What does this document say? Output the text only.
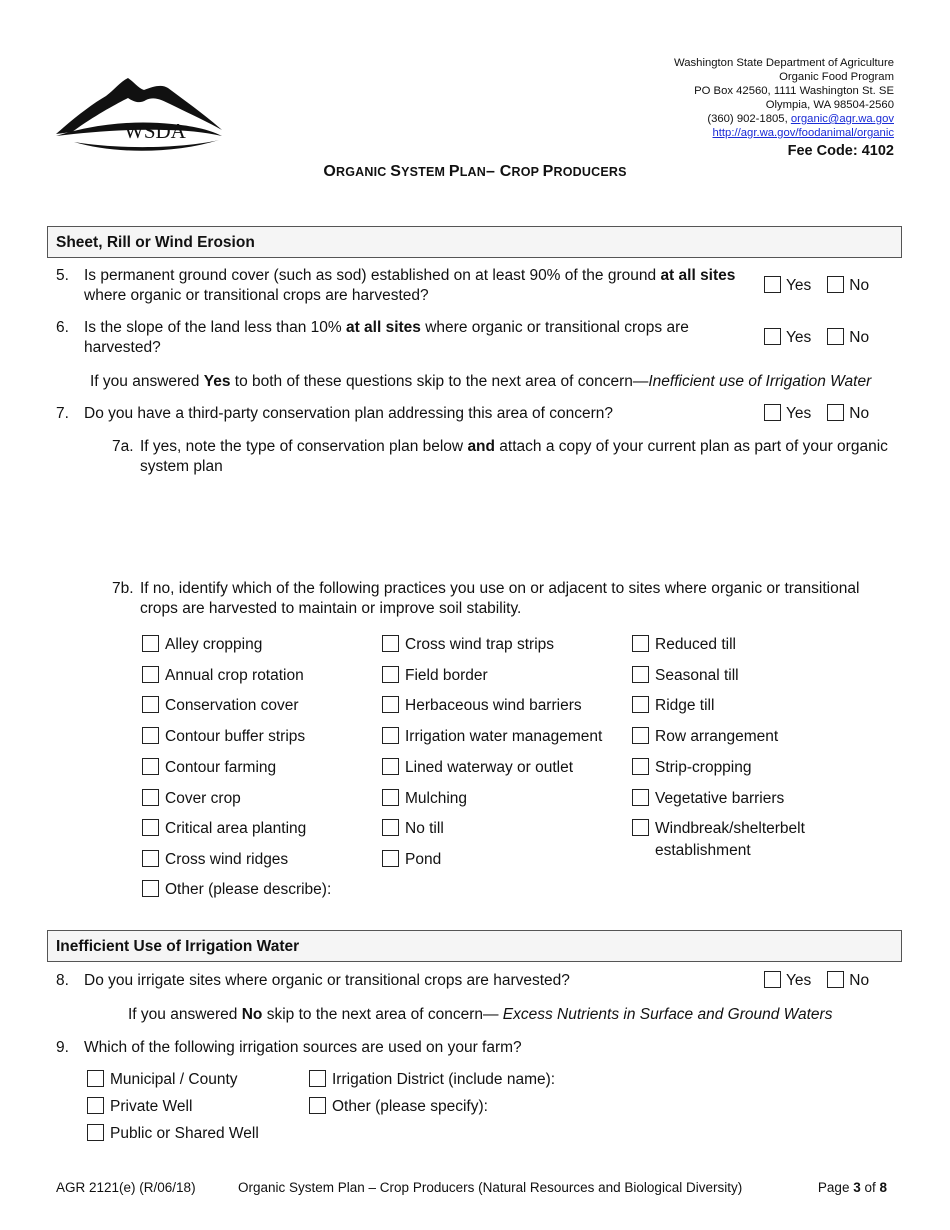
WSDA
Washington State Department of Agriculture
Organic Food Program
PO Box 42560, 1111 Washington St. SE
Olympia, WA 98504-2560
(360) 902-1805, organic@agr.wa.gov
http://agr.wa.gov/foodanimal/organic
Fee Code: 4102
ORGANIC SYSTEM PLAN– CROP PRODUCERS
Sheet, Rill or Wind Erosion
5. Is permanent ground cover (such as sod) established on at least 90% of the ground at all sites where organic or transitional crops are harvested?
Yes No
6. Is the slope of the land less than 10% at all sites where organic or transitional crops are harvested?
Yes No
If you answered Yes to both of these questions skip to the next area of concern—Inefficient use of Irrigation Water
7. Do you have a third-party conservation plan addressing this area of concern?	Yes No
7a. If yes, note the type of conservation plan below and attach a copy of your current plan as part of your organic system plan
7b. If no, identify which of the following practices you use on or adjacent to sites where organic or transitional crops are harvested to maintain or improve soil stability.
Alley cropping
Annual crop rotation
Conservation cover
Contour buffer strips
Contour farming
Cover crop
Critical area planting
Cross wind ridges
Other (please describe):
Cross wind trap strips
Field border
Herbaceous wind barriers
Irrigation water management
Lined waterway or outlet
Mulching
No till
Pond
Reduced till
Seasonal till
Ridge till
Row arrangement
Strip-cropping
Vegetative barriers
Windbreak/shelterbelt
establishment
Inefficient Use of Irrigation Water
8. Do you irrigate sites where organic or transitional crops are harvested?	Yes No
If you answered No skip to the next area of concern— Excess Nutrients in Surface and Ground Waters
9. Which of the following irrigation sources are used on your farm?
Municipal / County
Private Well
Public or Shared Well
Irrigation District (include name):
Other (please specify):
AGR 2121(e) (R/06/18)	Organic System Plan – Crop Producers (Natural Resources and Biological Diversity)	Page 3 of 8
